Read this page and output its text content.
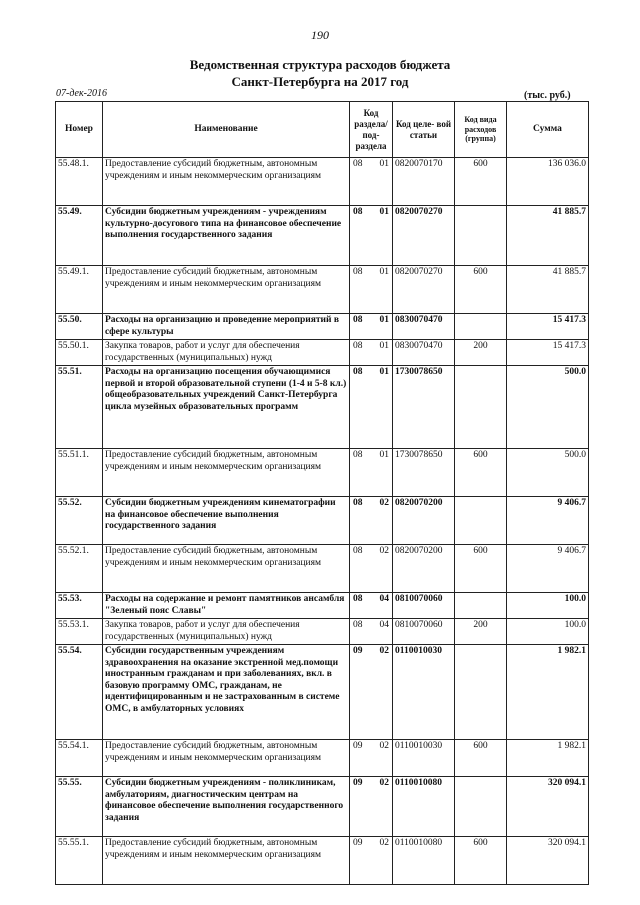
190
Ведомственная структура расходов бюджета
Санкт-Петербурга на 2017 год
07-дек-2016	(тыс. руб.)
Номер	Наименование	Код раздела/ под- раздела	Код целе- вой статьи	Код вида расходов (группа)	Сумма
55.48.1.	Предоставление субсидий бюджетным, автономным учреждениям и иным некоммерческим организациям	08 01	0820070170	600	136 036.0
55.49.	Субсидии бюджетным учреждениям - учреждениям культурно-досугового типа на финансовое обеспечение выполнения государственного задания	08 01	0820070270		41 885.7
55.49.1.	Предоставление субсидий бюджетным, автономным учреждениям и иным некоммерческим организациям	08 01	0820070270	600	41 885.7
55.50.	Расходы на организацию и проведение мероприятий в сфере культуры	08 01	0830070470		15 417.3
55.50.1.	Закупка товаров, работ и услуг для обеспечения государственных (муниципальных) нужд	08 01	0830070470	200	15 417.3
55.51.	Расходы на организацию посещения обучающимися первой и второй образовательной ступени (1-4 и 5-8 кл.) общеобразовательных учреждений Санкт-Петербурга цикла музейных образовательных программ	08 01	1730078650		500.0
55.51.1.	Предоставление субсидий бюджетным, автономным учреждениям и иным некоммерческим организациям	08 01	1730078650	600	500.0
55.52.	Субсидии бюджетным учреждениям кинематографии на финансовое обеспечение выполнения государственного задания	08 02	0820070200		9 406.7
55.52.1.	Предоставление субсидий бюджетным, автономным учреждениям и иным некоммерческим организациям	08 02	0820070200	600	9 406.7
55.53.	Расходы на содержание и ремонт памятников ансамбля "Зеленый пояс Славы"	08 04	0810070060		100.0
55.53.1.	Закупка товаров, работ и услуг для обеспечения государственных (муниципальных) нужд	08 04	0810070060	200	100.0
55.54.	Субсидии государственным учреждениям здравоохранения на оказание экстренной мед.помощи иностранным гражданам и при заболеваниях, вкл. в базовую программу ОМС, гражданам, не идентифицированным и не застрахованным в системе ОМС, в амбулаторных условиях	09 02	0110010030		1 982.1
55.54.1.	Предоставление субсидий бюджетным, автономным учреждениям и иным некоммерческим организациям	09 02	0110010030	600	1 982.1
55.55.	Субсидии бюджетным учреждениям - поликлиникам, амбулаториям, диагностическим центрам на финансовое обеспечение выполнения государственного задания	09 02	0110010080		320 094.1
55.55.1.	Предоставление субсидий бюджетным, автономным учреждениям и иным некоммерческим организациям	09 02	0110010080	600	320 094.1
